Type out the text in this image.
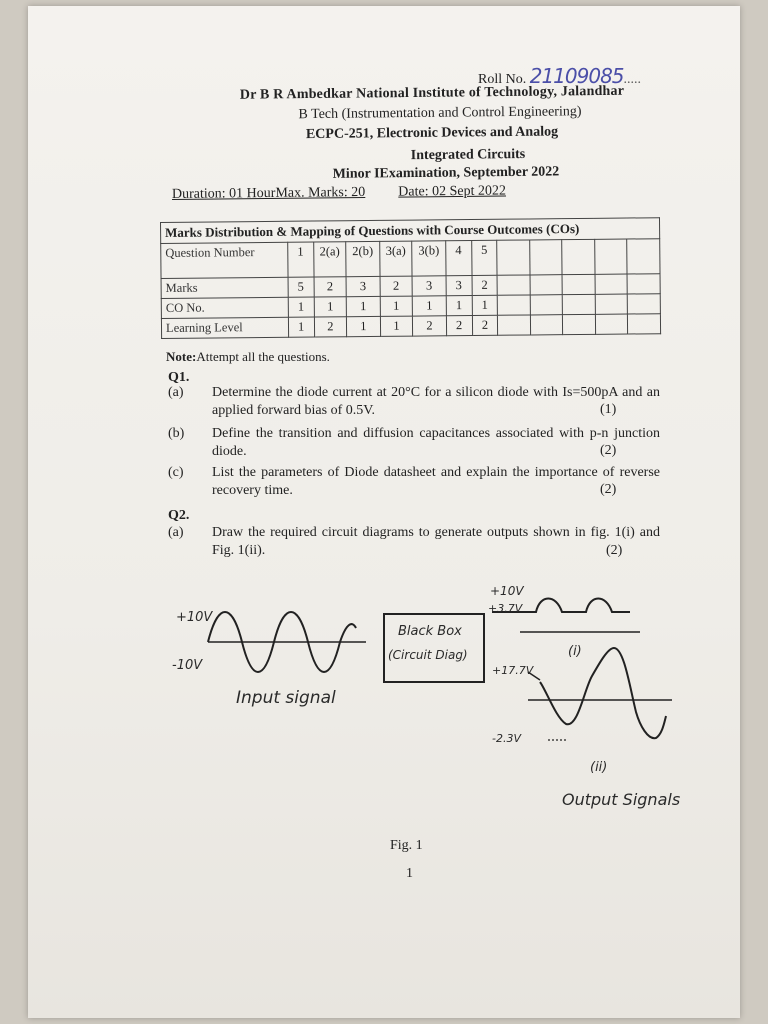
Roll No. 21109085.....
Dr B R Ambedkar National Institute of Technology, Jalandhar
B Tech (Instrumentation and Control Engineering)
ECPC-251, Electronic Devices and Analog
Integrated Circuits
Minor IExamination, September 2022
Duration: 01 HourMax. Marks: 20 Date: 02 Sept 2022
Marks Distribution & Mapping of Questions with Course Outcomes (COs)												
Question Number	1	2(a)	2(b)	3(a)	3(b)	4	5					
Marks	5	2	3	2	3	3	2					
CO No.	1	1	1	1	1	1	1					
Learning Level	1	2	1	1	2	2	2					
Note:Attempt all the questions.
Q1.
(a) Determine the diode current at 20°C for a silicon diode with Is=500pA and an applied forward bias of 0.5V.	(1)
(b) Define the transition and diffusion capacitances associated with p-n junction diode.	(2)
(c) List the parameters of Diode datasheet and explain the importance of reverse recovery time.	(2)
Q2.
(a) Draw the required circuit diagrams to generate outputs shown in fig. 1(i) and Fig. 1(ii).	(2)
+10V
-10V
Input signal
Black Box
(Circuit Diag)
+10V
+3.7V
(i)
+17.7V
-2.3V
(ii)
Output Signals
Fig. 1
1
